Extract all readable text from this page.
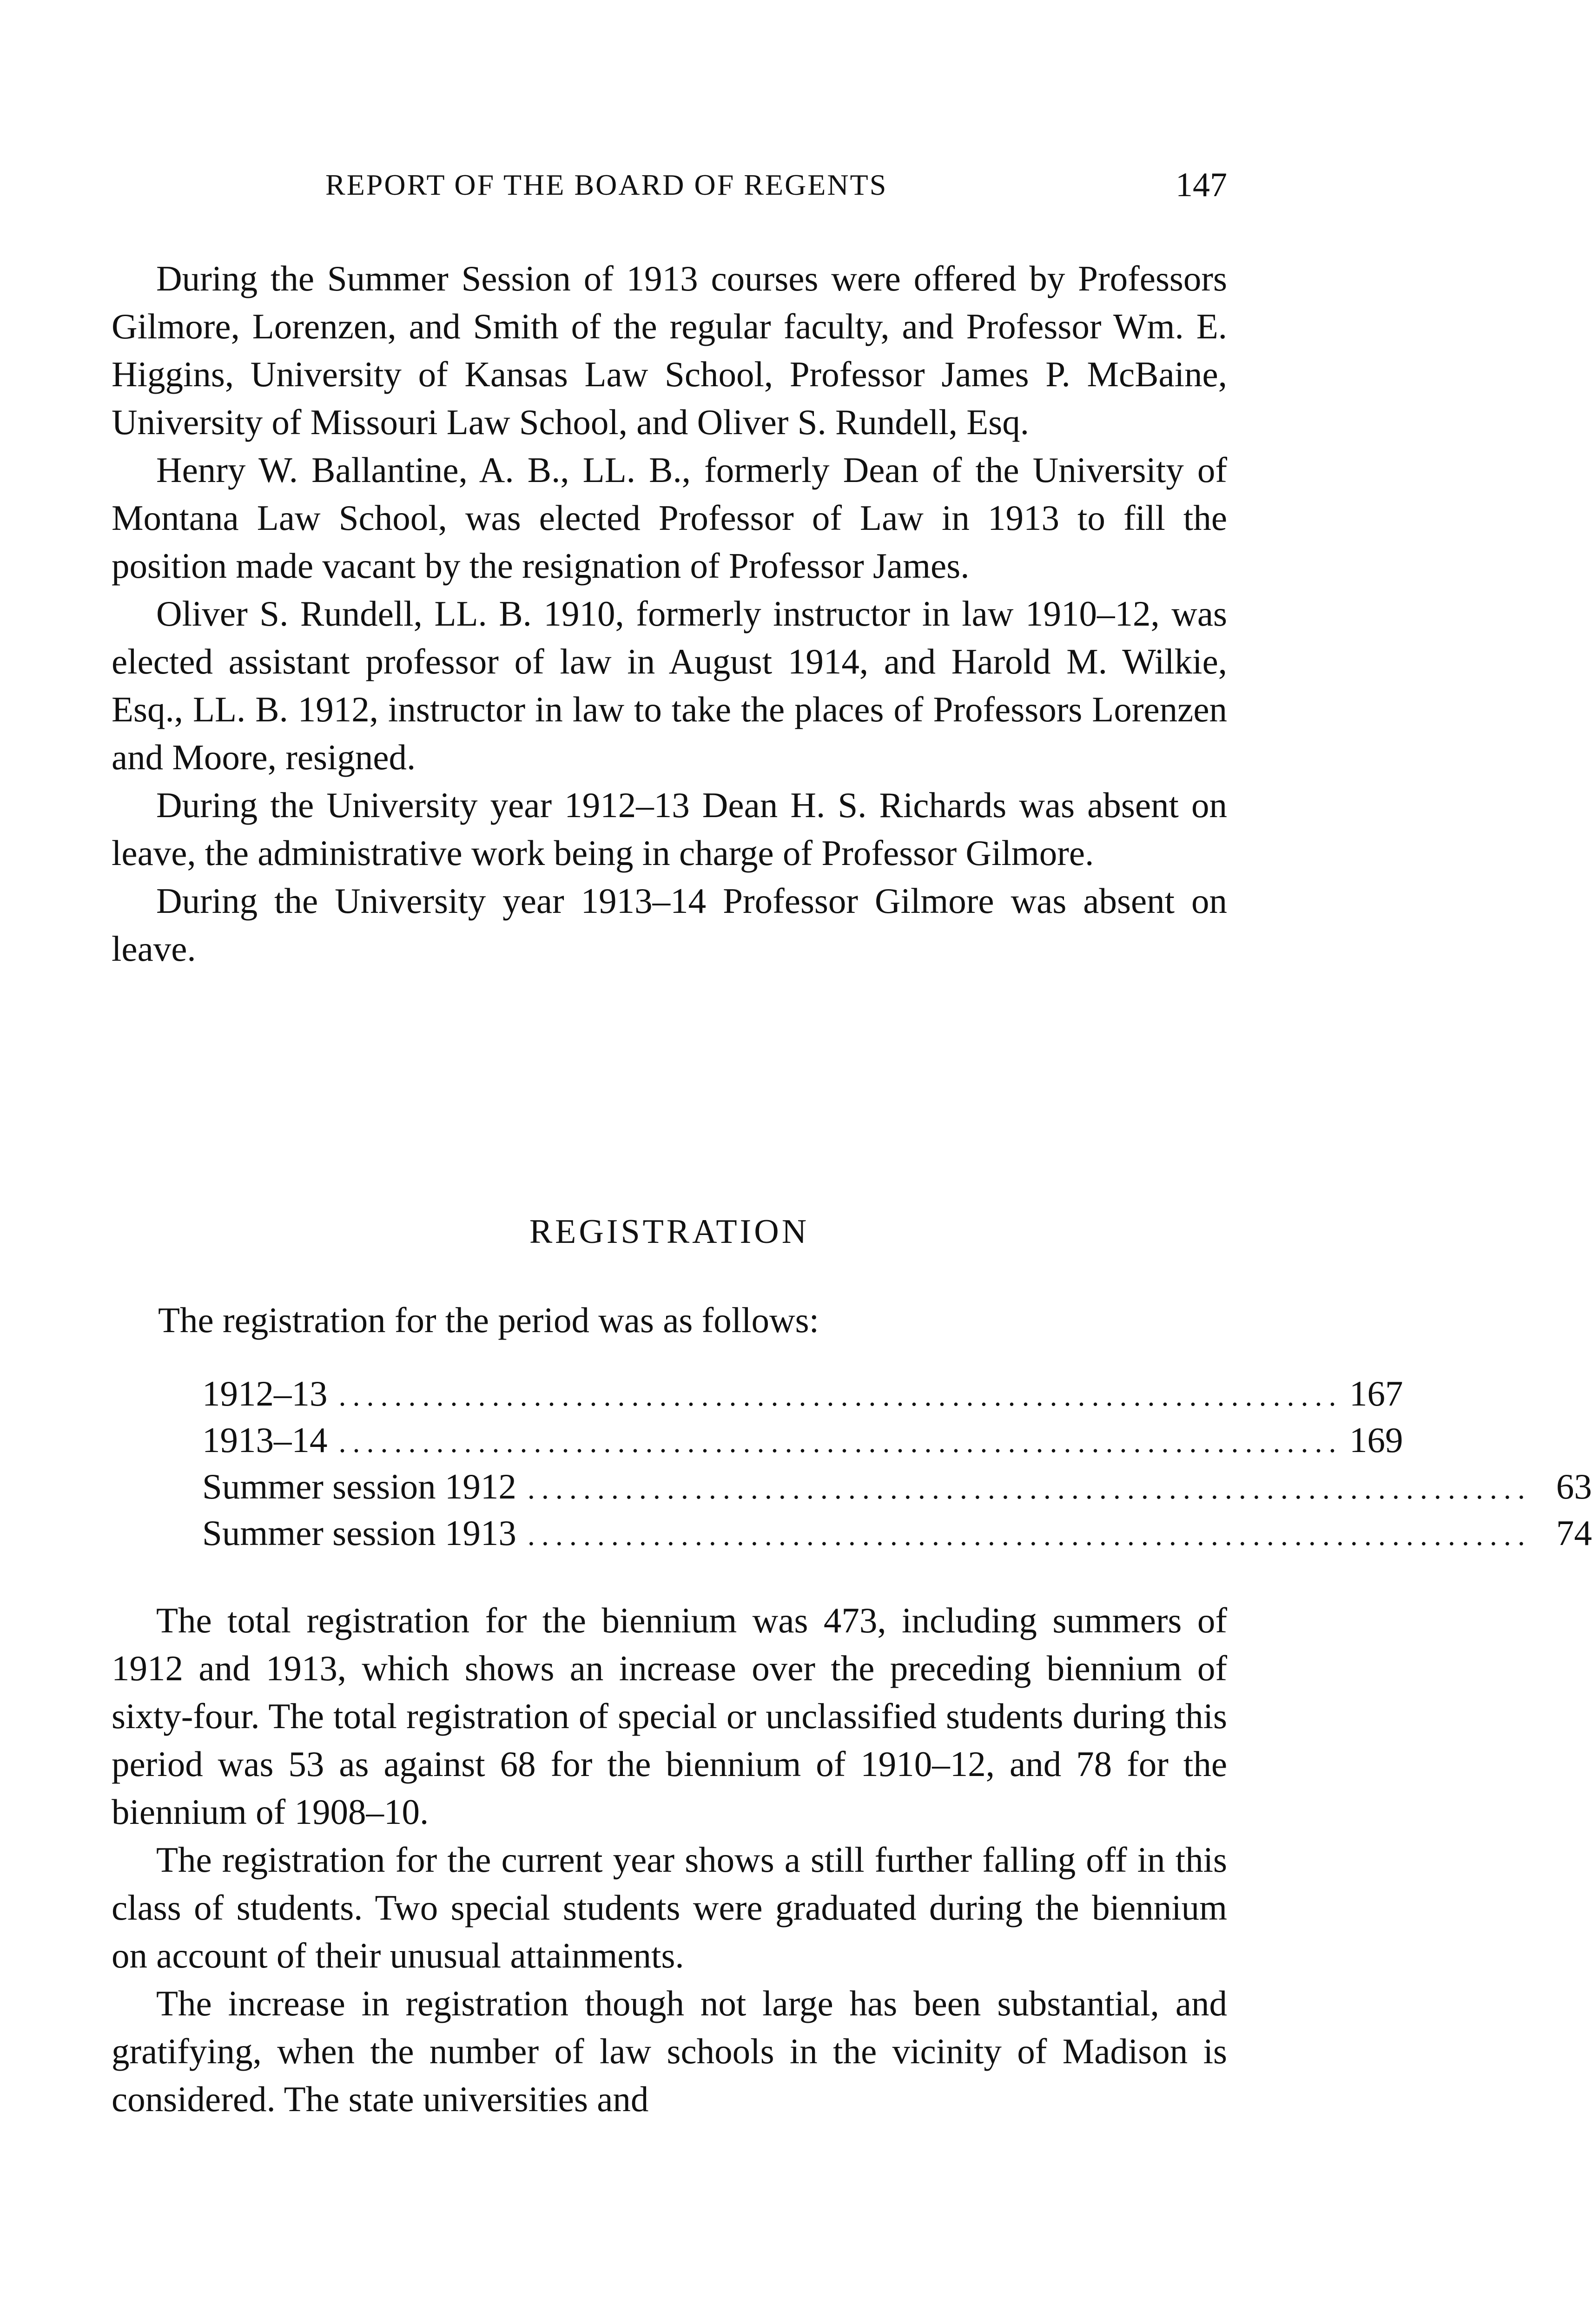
REPORT OF THE BOARD OF REGENTS	147

During the Summer Session of 1913 courses were offered by Professors Gilmore, Lorenzen, and Smith of the regular faculty, and Professor Wm. E. Higgins, University of Kansas Law School, Professor James P. McBaine, University of Missouri Law School, and Oliver S. Rundell, Esq.

Henry W. Ballantine, A. B., LL. B., formerly Dean of the University of Montana Law School, was elected Professor of Law in 1913 to fill the position made vacant by the resignation of Professor James.

Oliver S. Rundell, LL. B. 1910, formerly instructor in law 1910–12, was elected assistant professor of law in August 1914, and Harold M. Wilkie, Esq., LL. B. 1912, instructor in law to take the places of Professors Lorenzen and Moore, resigned.

During the University year 1912–13 Dean H. S. Richards was absent on leave, the administrative work being in charge of Professor Gilmore.

During the University year 1913–14 Professor Gilmore was absent on leave.

REGISTRATION
The registration for the period was as follows:
1912–13 ........................................................................ 167
1913–14 ........................................................................ 169
Summer session 1912 ........................................................................ 63
Summer session 1913 ........................................................................ 74

The total registration for the biennium was 473, including summers of 1912 and 1913, which shows an increase over the preceding biennium of sixty-four. The total registration of special or unclassified students during this period was 53 as against 68 for the biennium of 1910–12, and 78 for the biennium of 1908–10.

The registration for the current year shows a still further falling off in this class of students. Two special students were graduated during the biennium on account of their unusual attainments.

The increase in registration though not large has been substantial, and gratifying, when the number of law schools in the vicinity of Madison is considered. The state universities and
